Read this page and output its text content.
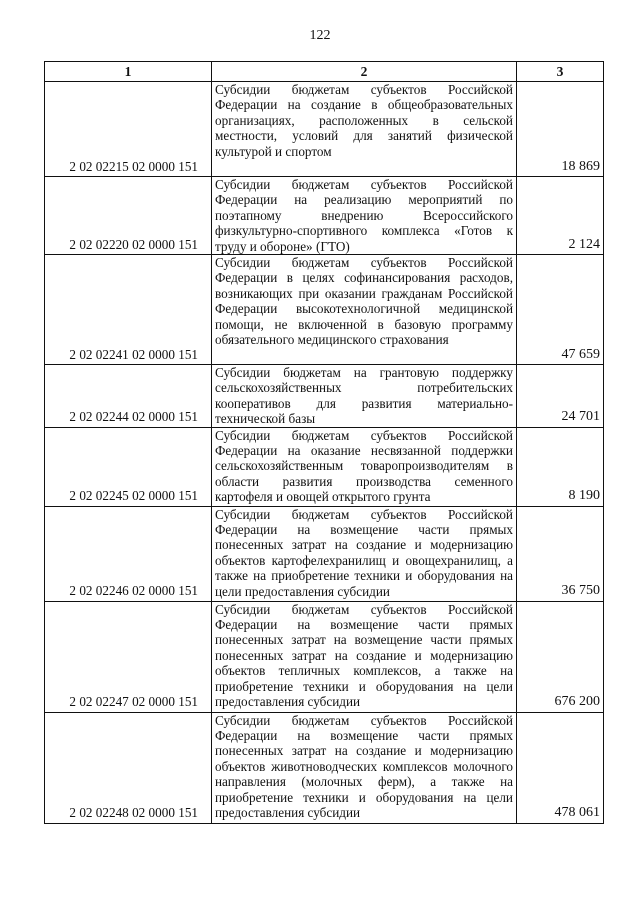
122
1	2	3
2 02 02215 02 0000 151	Субсидии бюджетам субъектов Российской Федерации на создание в общеобразовательных организациях, расположенных в сельской местности, условий для занятий физической культурой и спортом	18 869
2 02 02220 02 0000 151	Субсидии бюджетам субъектов Российской Федерации на реализацию мероприятий по поэтапному внедрению Всероссийского физкультурно-спортивного комплекса «Готов к труду и обороне» (ГТО)	2 124
2 02 02241 02 0000 151	Субсидии бюджетам субъектов Российской Федерации в целях софинансирования расходов, возникающих при оказании гражданам Российской Федерации высокотехнологичной медицинской помощи, не включенной в базовую программу обязательного медицинского страхования	47 659
2 02 02244 02 0000 151	Субсидии бюджетам на грантовую поддержку сельскохозяйственных потребительских кооперативов для развития материально-технической базы	24 701
2 02 02245 02 0000 151	Субсидии бюджетам субъектов Российской Федерации на оказание несвязанной поддержки сельскохозяйственным товаропроизводителям в области развития производства семенного картофеля и овощей открытого грунта	8 190
2 02 02246 02 0000 151	Субсидии бюджетам субъектов Российской Федерации на возмещение части прямых понесенных затрат на создание и модернизацию объектов картофелехранилищ и овощехранилищ, а также на приобретение техники и оборудования на цели предоставления субсидии	36 750
2 02 02247 02 0000 151	Субсидии бюджетам субъектов Российской Федерации на возмещение части прямых понесенных затрат на возмещение части прямых понесенных затрат на создание и модернизацию объектов тепличных комплексов, а также на приобретение техники и оборудования на цели предоставления субсидии	676 200
2 02 02248 02 0000 151	Субсидии бюджетам субъектов Российской Федерации на возмещение части прямых понесенных затрат на создание и модернизацию объектов животноводческих комплексов молочного направления (молочных ферм), а также на приобретение техники и оборудования на цели предоставления субсидии	478 061
